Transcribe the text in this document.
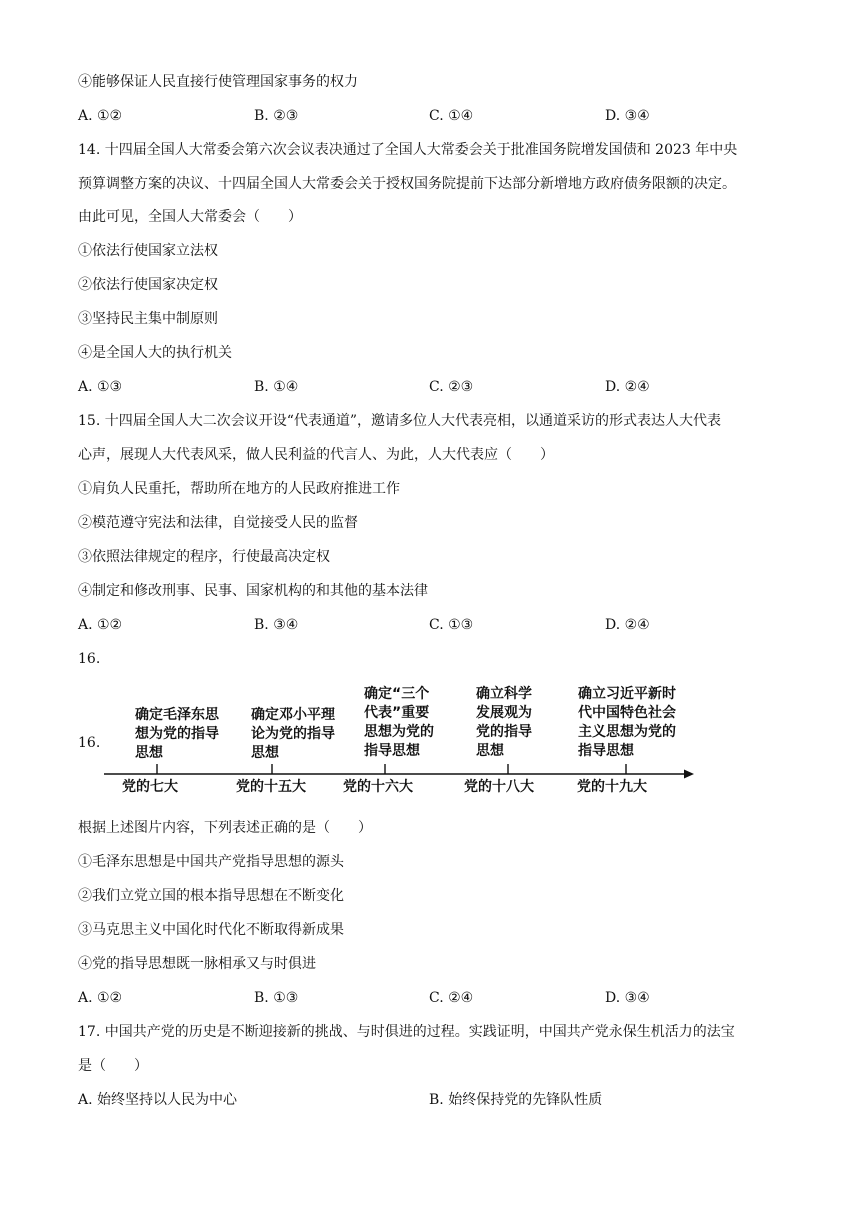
④能够保证人民直接行使管理国家事务的权力
A. ①②	B. ②③	C. ①④	D. ③④
14. 十四届全国人大常委会第六次会议表决通过了全国人大常委会关于批准国务院增发国债和 2023 年中央
预算调整方案的决议、十四届全国人大常委会关于授权国务院提前下达部分新增地方政府债务限额的决定。
由此可见，全国人大常委会（　　）
①依法行使国家立法权
②依法行使国家决定权
③坚持民主集中制原则
④是全国人大的执行机关
A. ①③	B. ①④	C. ②③	D. ②④
15. 十四届全国人大二次会议开设“代表通道”，邀请多位人大代表亮相，以通道采访的形式表达人大代表
心声，展现人大代表风采，做人民利益的代言人、为此，人大代表应（　　）
①肩负人民重托，帮助所在地方的人民政府推进工作
②模范遵守宪法和法律，自觉接受人民的监督
③依照法律规定的程序，行使最高决定权
④制定和修改刑事、民事、国家机构的和其他的基本法律
A. ①②	B. ③④	C. ①③	D. ②④
16.
16.
确定毛泽东思
想为党的指导
思想
确定邓小平理
论为党的指导
思想
确定“三个
代表”重要
思想为党的
指导思想
确立科学
发展观为
党的指导
思想
确立习近平新时
代中国特色社会
主义思想为党的
指导思想
党的七大	党的十五大	党的十六大	党的十八大	党的十九大
根据上述图片内容，下列表述正确的是（　　）
①毛泽东思想是中国共产党指导思想的源头
②我们立党立国的根本指导思想在不断变化
③马克思主义中国化时代化不断取得新成果
④党的指导思想既一脉相承又与时俱进
A. ①②	B. ①③	C. ②④	D. ③④
17. 中国共产党的历史是不断迎接新的挑战、与时俱进的过程。实践证明，中国共产党永保生机活力的法宝
是（　　）
A. 始终坚持以人民为中心	B. 始终保持党的先锋队性质
